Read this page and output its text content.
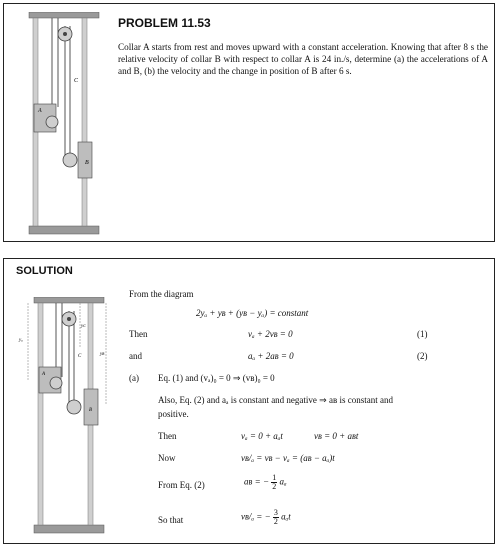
C
A
B
PROBLEM 11.53

Collar A starts from rest and moves upward with a constant acceleration. Knowing that after 8 s the relative velocity of collar B with respect to collar A is 24 in./s, determine (a) the accelerations of A and B, (b) the velocity and the change in position of B after 6 s.

SOLUTION
yₐ
yᴄ
yʙ
C
A
B
From the diagram
2yₐ + yʙ + (yʙ − yₐ) = constant
Then	vₐ + 2vʙ = 0	(1)
and	aₐ + 2aʙ = 0	(2)
(a) Eq. (1) and (vₐ)₀ = 0 ⇒ (vʙ)₀ = 0
Also, Eq. (2) and aₐ is constant and negative ⇒ aʙ is constant and
positive.
Then	vₐ = 0 + aₐt	vʙ = 0 + aʙt
Now	vʙ/ₐ = vʙ − vₐ = (aʙ − aₐ)t
From Eq. (2)	aʙ = − $\frac{1}{2}$ aₐ
So that	vʙ/ₐ = − $\frac{3}{2}$ aₐt
